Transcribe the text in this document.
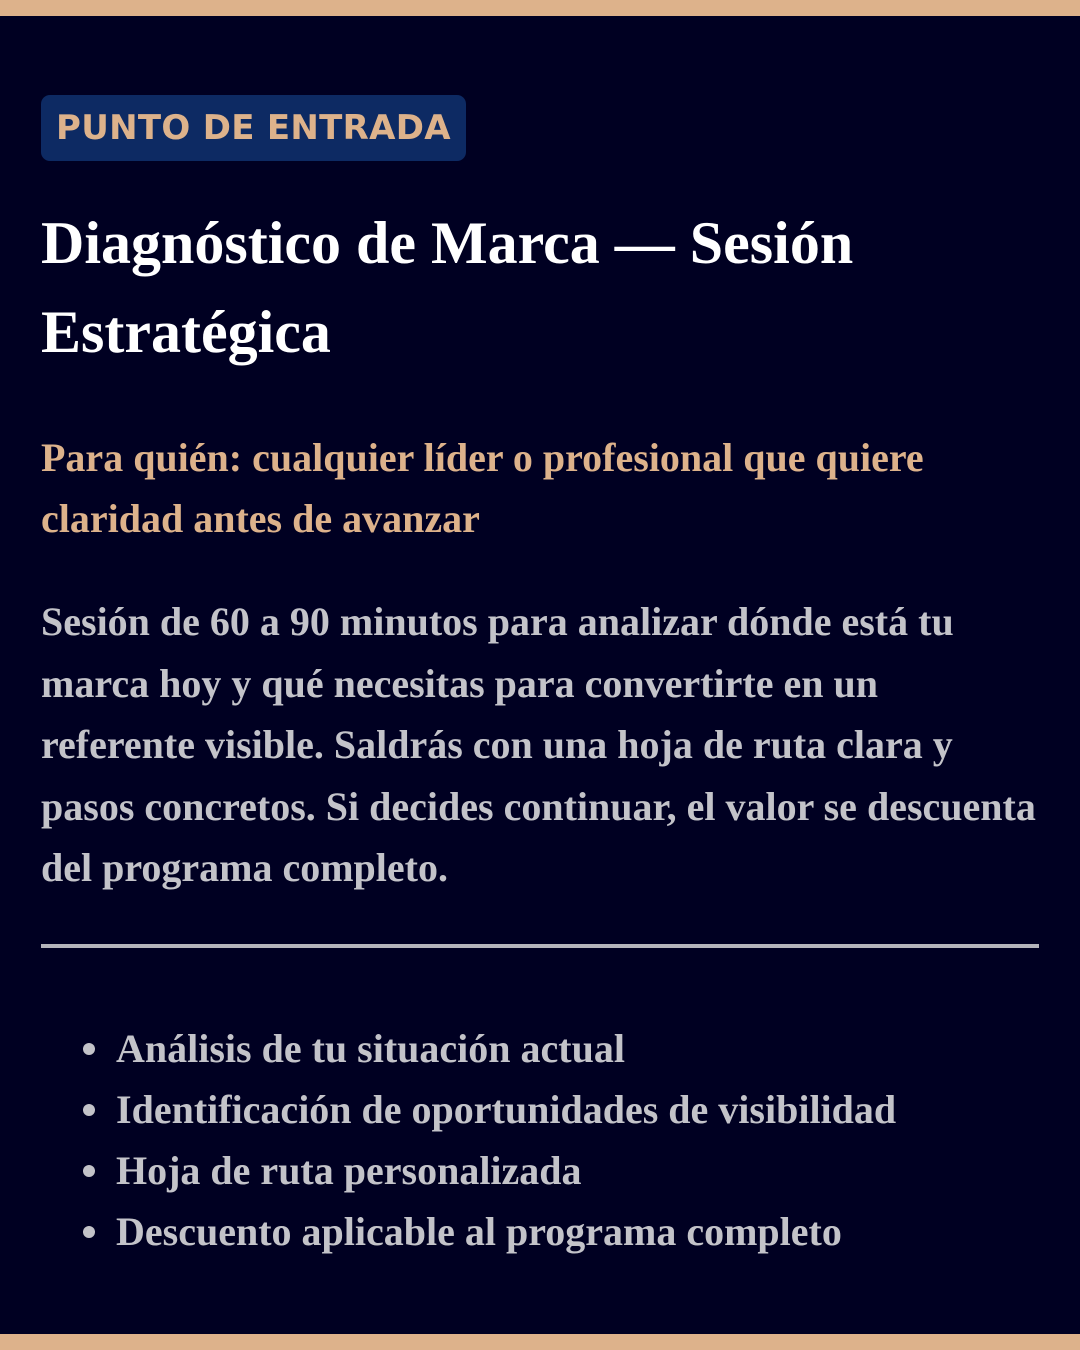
PUNTO DE ENTRADA
Diagnóstico de Marca — Sesión Estratégica

Para quién: cualquier líder o profesional que quiere claridad antes de avanzar

Sesión de 60 a 90 minutos para analizar dónde está tu marca hoy y qué necesitas para convertirte en un referente visible. Saldrás con una hoja de ruta clara y pasos concretos. Si decides continuar, el valor se descuenta del programa completo.

Análisis de tu situación actual
Identificación de oportunidades de visibilidad
Hoja de ruta personalizada
Descuento aplicable al programa completo
